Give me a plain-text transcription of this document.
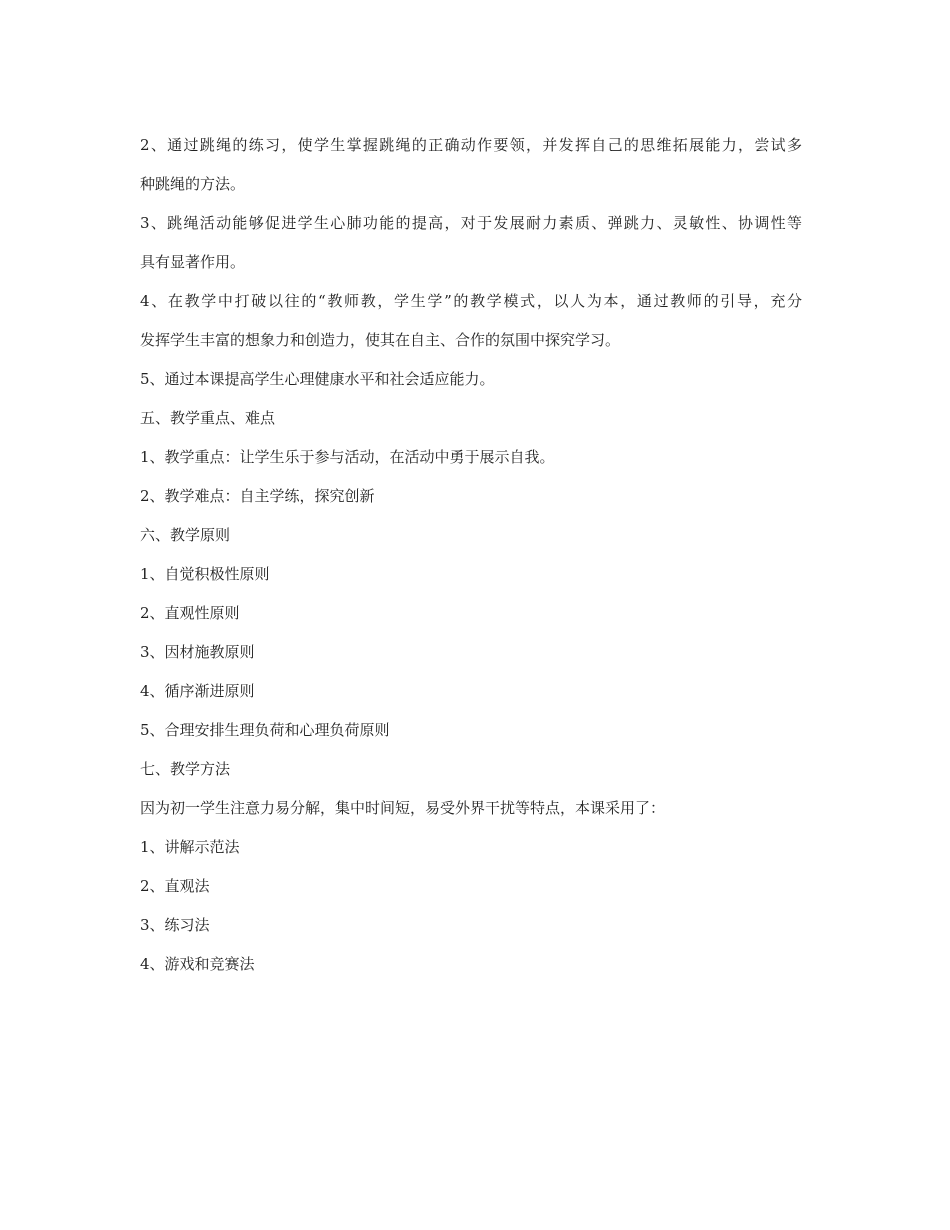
2、通过跳绳的练习，使学生掌握跳绳的正确动作要领，并发挥自己的思维拓展能力，尝试多
种跳绳的方法。
3、跳绳活动能够促进学生心肺功能的提高，对于发展耐力素质、弹跳力、灵敏性、协调性等
具有显著作用。
4、在教学中打破以往的“教师教，学生学”的教学模式，以人为本，通过教师的引导，充分
发挥学生丰富的想象力和创造力，使其在自主、合作的氛围中探究学习。
5、通过本课提高学生心理健康水平和社会适应能力。
五、教学重点、难点
1、教学重点：让学生乐于参与活动，在活动中勇于展示自我。
2、教学难点：自主学练，探究创新
六、教学原则
1、自觉积极性原则
2、直观性原则
3、因材施教原则
4、循序渐进原则
5、合理安排生理负荷和心理负荷原则
七、教学方法
因为初一学生注意力易分解，集中时间短，易受外界干扰等特点，本课采用了：
1、讲解示范法
2、直观法
3、练习法
4、游戏和竞赛法
